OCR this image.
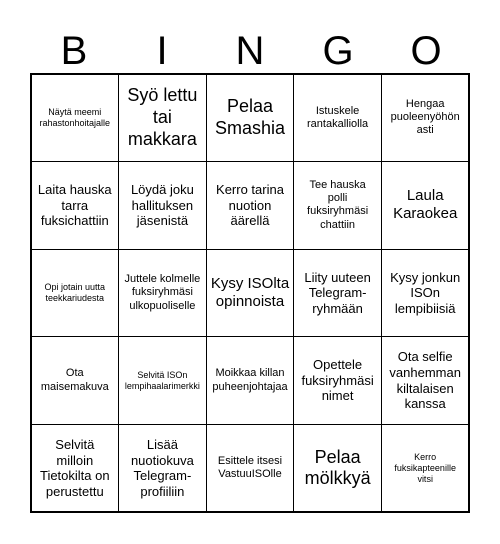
B	I	N	G	O
Näytä meemi rahastonhoitajalle
Syö lettu tai makkara
Pelaa Smashia
Istuskele rantakalliolla
Hengaa puoleenyöhön asti
Laita hauska tarra fuksichattiin
Löydä joku hallituksen jäsenistä
Kerro tarina nuotion äärellä
Tee hauska polli fuksiryhmäsi chattiin
Laula Karaokea
Opi jotain uutta teekkariudesta
Juttele kolmelle fuksiryhmäsi ulkopuoliselle
Kysy ISOlta opinnoista
Liity uuteen Telegram-ryhmään
Kysy jonkun ISOn lempibiisiä
Ota maisemakuva
Selvitä ISOn lempihaalarimerkki
Moikkaa killan puheenjohtajaa
Opettele fuksiryhmäsi nimet
Ota selfie vanhemman kiltalaisen kanssa
Selvitä milloin Tietokilta on perustettu
Lisää nuotiokuva Telegram-profiiliin
Esittele itsesi VastuuISOlle
Pelaa mölkkyä
Kerro fuksikapteenille vitsi
